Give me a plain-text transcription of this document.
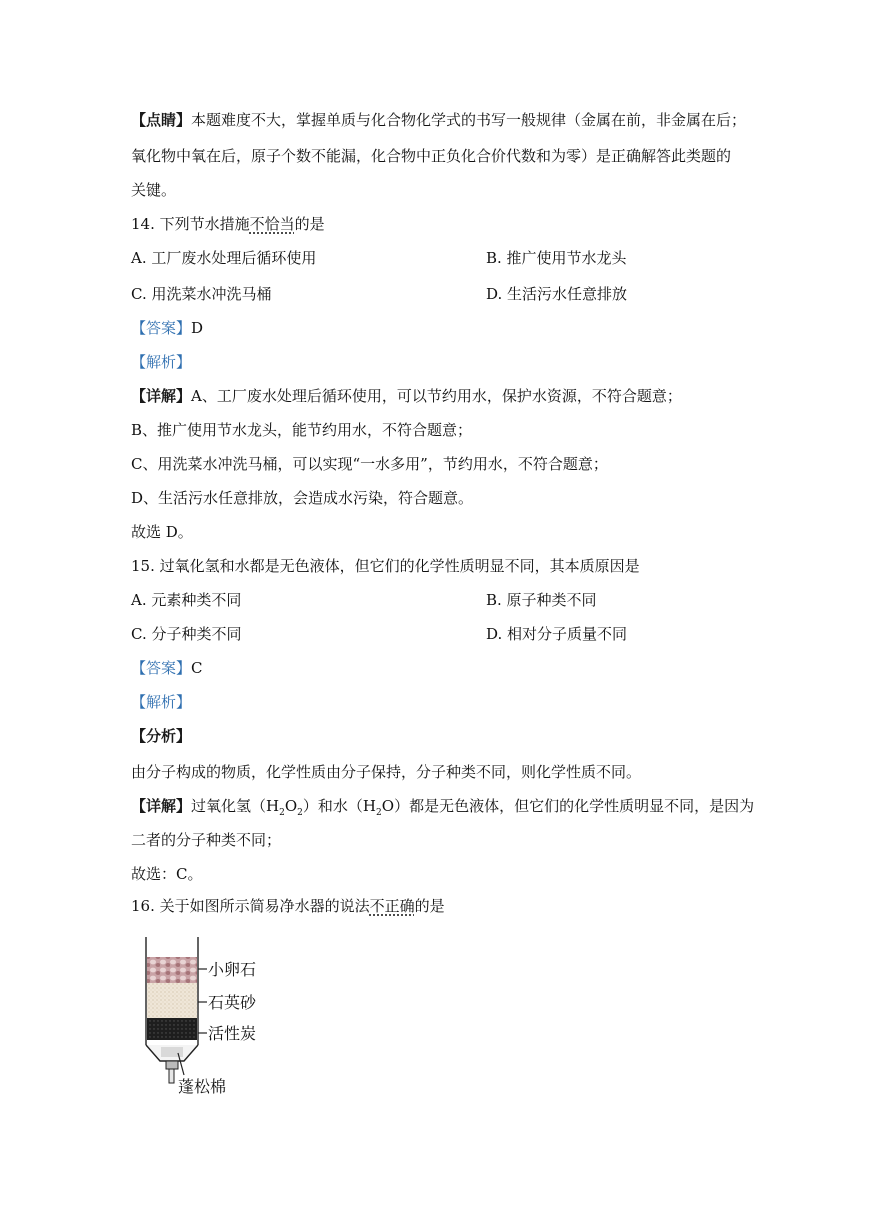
【点睛】本题难度不大，掌握单质与化合物化学式的书写一般规律（金属在前，非金属在后；
氧化物中氧在后，原子个数不能漏，化合物中正负化合价代数和为零）是正确解答此类题的
关键。
14. 下列节水措施不恰当的是
A. 工厂废水处理后循环使用	B. 推广使用节水龙头
C. 用洗菜水冲洗马桶	D. 生活污水任意排放
【答案】D
【解析】
【详解】A、工厂废水处理后循环使用，可以节约用水，保护水资源，不符合题意；
B、推广使用节水龙头，能节约用水，不符合题意；
C、用洗菜水冲洗马桶，可以实现“一水多用”，节约用水，不符合题意；
D、生活污水任意排放，会造成水污染，符合题意。
故选 D。
15. 过氧化氢和水都是无色液体，但它们的化学性质明显不同，其本质原因是
A. 元素种类不同	B. 原子种类不同
C. 分子种类不同	D. 相对分子质量不同
【答案】C
【解析】
【分析】
由分子构成的物质，化学性质由分子保持，分子种类不同，则化学性质不同。
【详解】过氧化氢$(H_2O_2)$和水$(H_2O)$都是无色液体，但它们的化学性质明显不同，是因为
二者的分子种类不同；
故选：C。
16. 关于如图所示简易净水器的说法不正确的是
小卵石
石英砂
活性炭
蓬松棉
